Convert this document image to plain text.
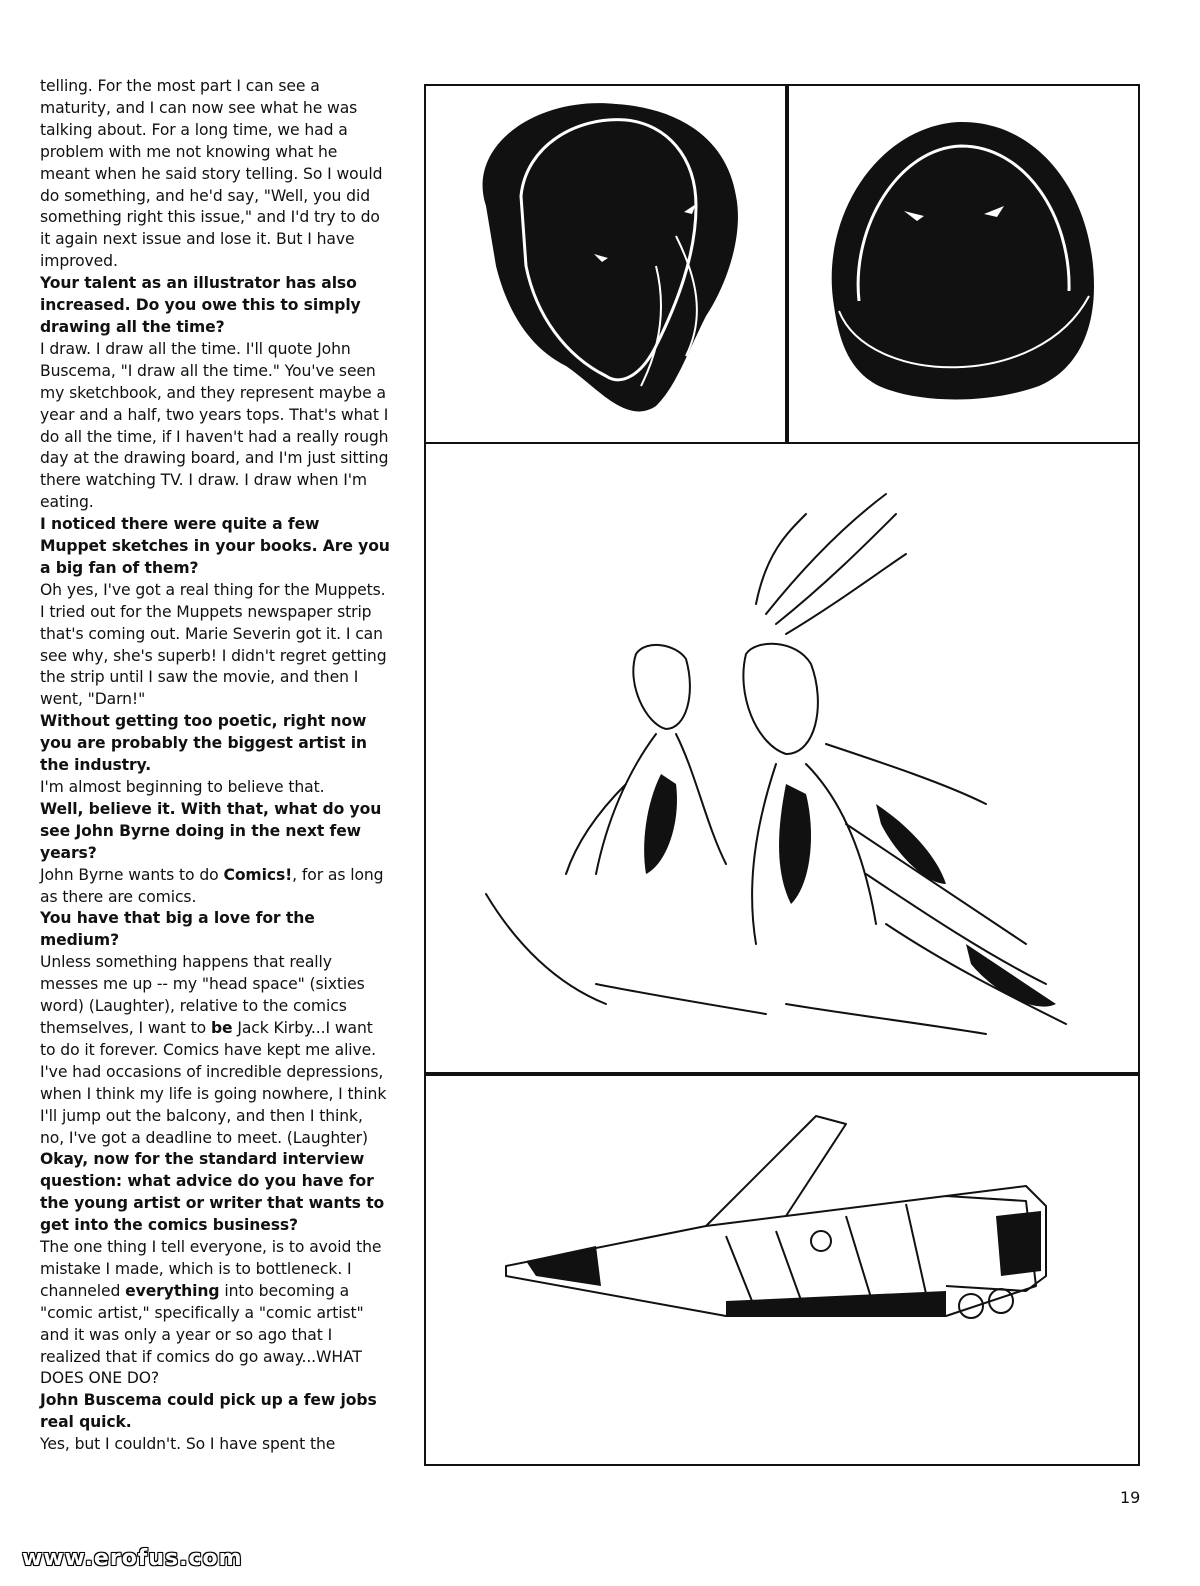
telling. For the most part I can see a maturity, and I can now see what he was talking about. For a long time, we had a problem with me not knowing what he meant when he said story telling. So I would do something, and he'd say, "Well, you did something right this issue," and I'd try to do it again next issue and lose it. But I have improved.

Your talent as an illustrator has also increased. Do you owe this to simply drawing all the time?

I draw. I draw all the time. I'll quote John Buscema, "I draw all the time." You've seen my sketchbook, and they represent maybe a year and a half, two years tops. That's what I do all the time, if I haven't had a really rough day at the drawing board, and I'm just sitting there watching TV. I draw. I draw when I'm eating.

I noticed there were quite a few Muppet sketches in your books. Are you a big fan of them?

Oh yes, I've got a real thing for the Muppets. I tried out for the Muppets newspaper strip that's coming out. Marie Severin got it. I can see why, she's superb! I didn't regret getting the strip until I saw the movie, and then I went, "Darn!"

Without getting too poetic, right now you are probably the biggest artist in the industry.

I'm almost beginning to believe that.

Well, believe it. With that, what do you see John Byrne doing in the next few years?

John Byrne wants to do Comics!, for as long as there are comics.

You have that big a love for the medium?

Unless something happens that really messes me up -- my "head space" (sixties word) (Laughter), relative to the comics themselves, I want to be Jack Kirby...I want to do it forever. Comics have kept me alive. I've had occasions of incredible depressions, when I think my life is going nowhere, I think I'll jump out the balcony, and then I think, no, I've got a deadline to meet. (Laughter)

Okay, now for the standard interview question: what advice do you have for the young artist or writer that wants to get into the comics business?

The one thing I tell everyone, is to avoid the mistake I made, which is to bottleneck. I channeled everything into becoming a "comic artist," specifically a "comic artist" and it was only a year or so ago that I realized that if comics do go away...WHAT DOES ONE DO?

John Buscema could pick up a few jobs real quick.

Yes, but I couldn't. So I have spent the

19
www.erofus.com
